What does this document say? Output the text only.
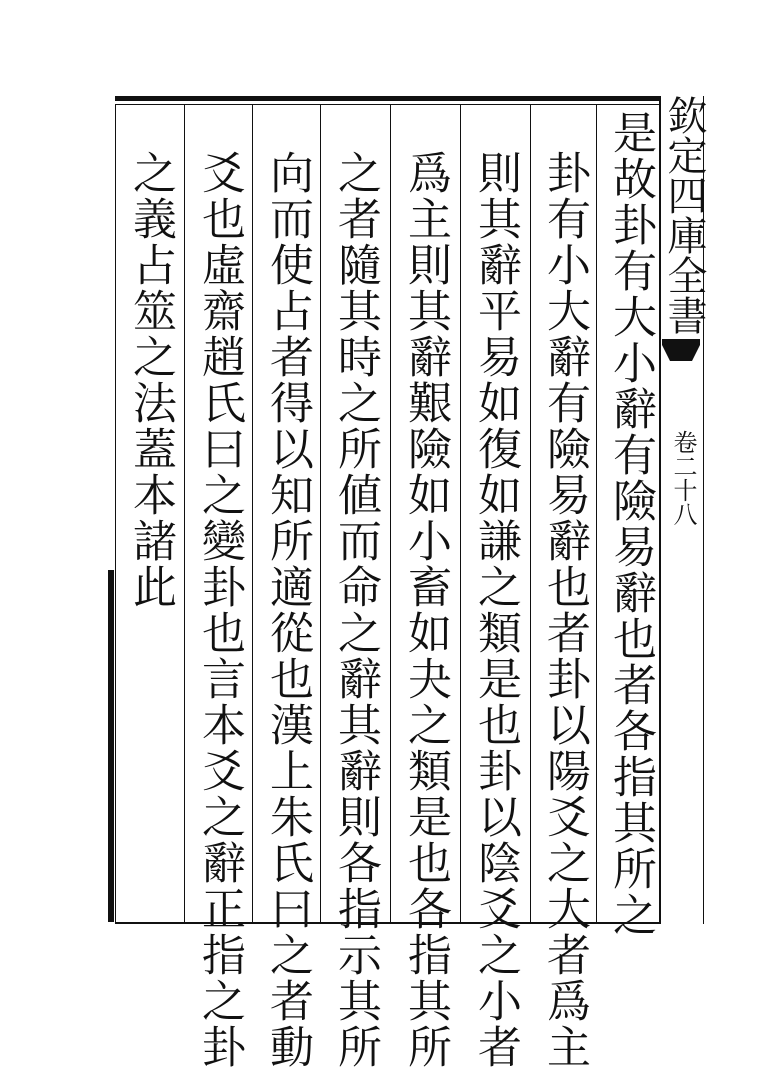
欽定四庫全書
卷二十八
是故卦有大小辭有險易辭也者各指其所之
卦有小大辭有險易辭也者卦以陽爻之大者爲主
則其辭平易如復如謙之類是也卦以陰爻之小者
爲主則其辭艱險如小畜如夬之類是也各指其所
之者隨其時之所値而命之辭其辭則各指示其所
向而使占者得以知所適從也漢上朱氏曰之者動
爻也虛齋趙氏曰之變卦也言本爻之辭正指之卦
之義占筮之法蓋本諸此
